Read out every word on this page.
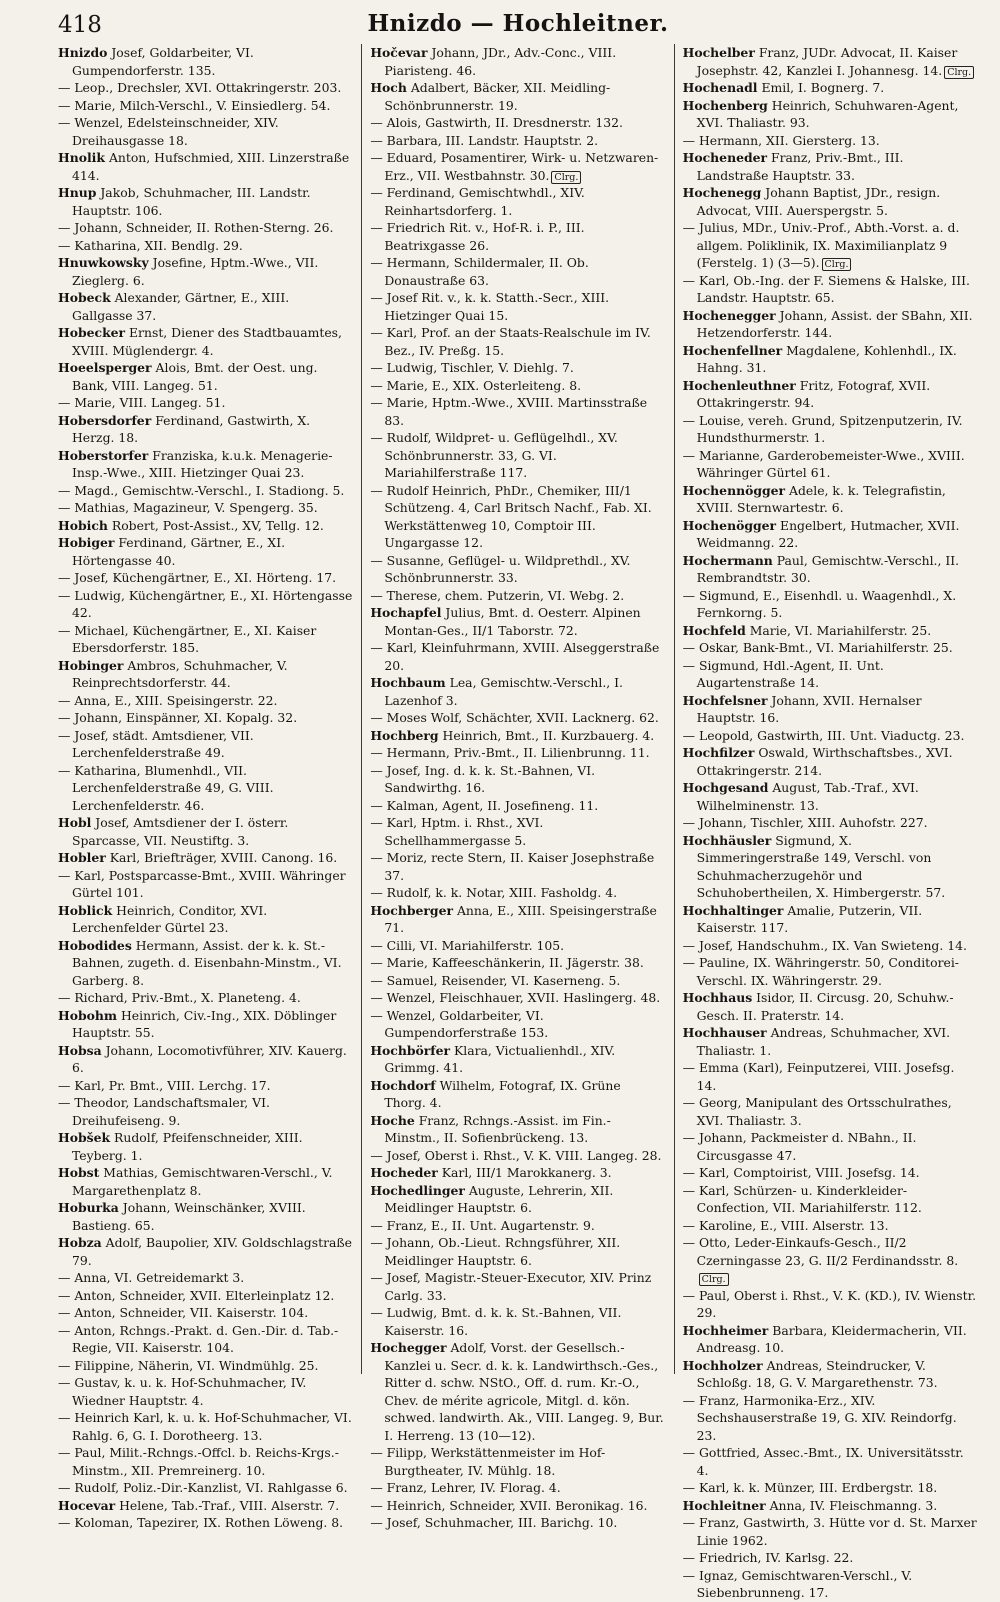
418	Hnizdo — Hochleitner.

Hnizdo Josef, Goldarbeiter, VI. Gumpendorferstr. 135.

— Leop., Drechsler, XVI. Ottakringerstr. 203.

— Marie, Milch-Verschl., V. Einsiedlerg. 54.

— Wenzel, Edelsteinschneider, XIV. Dreihausgasse 18.

Hnolik Anton, Hufschmied, XIII. Linzerstraße 414.

Hnup Jakob, Schuhmacher, III. Landstr. Hauptstr. 106.

— Johann, Schneider, II. Rothen-Sterng. 26.

— Katharina, XII. Bendlg. 29.

Hnuwkowsky Josefine, Hptm.-Wwe., VII. Zieglerg. 6.

Hobeck Alexander, Gärtner, E., XIII. Gallgasse 37.

Hobecker Ernst, Diener des Stadtbauamtes, XVIII. Müglendergr. 4.

Hoeelsperger Alois, Bmt. der Oest. ung. Bank, VIII. Langeg. 51.

— Marie, VIII. Langeg. 51.

Hobersdorfer Ferdinand, Gastwirth, X. Herzg. 18.

Hoberstorfer Franziska, k.u.k. Menagerie-Insp.-Wwe., XIII. Hietzinger Quai 23.

— Magd., Gemischtw.-Verschl., I. Stadiong. 5.

— Mathias, Magazineur, V. Spengerg. 35.

Hobich Robert, Post-Assist., XV, Tellg. 12.

Hobiger Ferdinand, Gärtner, E., XI. Hörtengasse 40.

— Josef, Küchengärtner, E., XI. Hörteng. 17.

— Ludwig, Küchengärtner, E., XI. Hörtengasse 42.

— Michael, Küchengärtner, E., XI. Kaiser Ebersdorferstr. 185.

Hobinger Ambros, Schuhmacher, V. Reinprechtsdorferstr. 44.

— Anna, E., XIII. Speisingerstr. 22.

— Johann, Einspänner, XI. Kopalg. 32.

— Josef, städt. Amtsdiener, VII. Lerchenfelderstraße 49.

— Katharina, Blumenhdl., VII. Lerchenfelderstraße 49, G. VIII. Lerchenfelderstr. 46.

Hobl Josef, Amtsdiener der I. österr. Sparcasse, VII. Neustiftg. 3.

Hobler Karl, Briefträger, XVIII. Canong. 16.

— Karl, Postsparcasse-Bmt., XVIII. Währinger Gürtel 101.

Hoblick Heinrich, Conditor, XVI. Lerchenfelder Gürtel 23.

Hobodides Hermann, Assist. der k. k. St.-Bahnen, zugeth. d. Eisenbahn-Minstm., VI. Garberg. 8.

— Richard, Priv.-Bmt., X. Planeteng. 4.

Hobohm Heinrich, Civ.-Ing., XIX. Döblinger Hauptstr. 55.

Hobsa Johann, Locomotivführer, XIV. Kauerg. 6.

— Karl, Pr. Bmt., VIII. Lerchg. 17.

— Theodor, Landschaftsmaler, VI. Dreihufeiseng. 9.

Hobšek Rudolf, Pfeifenschneider, XIII. Teyberg. 1.

Hobst Mathias, Gemischtwaren-Verschl., V. Margarethenplatz 8.

Hoburka Johann, Weinschänker, XVIII. Bastieng. 65.

Hobza Adolf, Baupolier, XIV. Goldschlagstraße 79.

— Anna, VI. Getreidemarkt 3.

— Anton, Schneider, XVII. Elterleinplatz 12.

— Anton, Schneider, VII. Kaiserstr. 104.

— Anton, Rchngs.-Prakt. d. Gen.-Dir. d. Tab.-Regie, VII. Kaiserstr. 104.

— Filippine, Näherin, VI. Windmühlg. 25.

— Gustav, k. u. k. Hof-Schuhmacher, IV. Wiedner Hauptstr. 4.

— Heinrich Karl, k. u. k. Hof-Schuhmacher, VI. Rahlg. 6, G. I. Dorotheerg. 13.

— Paul, Milit.-Rchngs.-Offcl. b. Reichs-Krgs.-Minstm., XII. Premreinerg. 10.

— Rudolf, Poliz.-Dir.-Kanzlist, VI. Rahlgasse 6.

Hocevar Helene, Tab.-Traf., VIII. Alserstr. 7.

— Koloman, Tapezirer, IX. Rothen Löweng. 8.

Hočevar Johann, JDr., Adv.-Conc., VIII. Piaristeng. 46.

Hoch Adalbert, Bäcker, XII. Meidling-Schönbrunnerstr. 19.

— Alois, Gastwirth, II. Dresdnerstr. 132.

— Barbara, III. Landstr. Hauptstr. 2.

— Eduard, Posamentirer, Wirk- u. Netzwaren-Erz., VII. Westbahnstr. 30. Clrg.

— Ferdinand, Gemischtwhdl., XIV. Reinhartsdorferg. 1.

— Friedrich Rit. v., Hof-R. i. P., III. Beatrixgasse 26.

— Hermann, Schildermaler, II. Ob. Donaustraße 63.

— Josef Rit. v., k. k. Statth.-Secr., XIII. Hietzinger Quai 15.

— Karl, Prof. an der Staats-Realschule im IV. Bez., IV. Preßg. 15.

— Ludwig, Tischler, V. Diehlg. 7.

— Marie, E., XIX. Osterleiteng. 8.

— Marie, Hptm.-Wwe., XVIII. Martinsstraße 83.

— Rudolf, Wildpret- u. Geflügelhdl., XV. Schönbrunnerstr. 33, G. VI. Mariahilferstraße 117.

— Rudolf Heinrich, PhDr., Chemiker, III/1 Schützeng. 4, Carl Britsch Nachf., Fab. XI. Werkstättenweg 10, Comptoir III. Ungargasse 12.

— Susanne, Geflügel- u. Wildprethdl., XV. Schönbrunnerstr. 33.

— Therese, chem. Putzerin, VI. Webg. 2.

Hochapfel Julius, Bmt. d. Oesterr. Alpinen Montan-Ges., II/1 Taborstr. 72.

— Karl, Kleinfuhrmann, XVIII. Alseggerstraße 20.

Hochbaum Lea, Gemischtw.-Verschl., I. Lazenhof 3.

— Moses Wolf, Schächter, XVII. Lacknerg. 62.

Hochberg Heinrich, Bmt., II. Kurzbauerg. 4.

— Hermann, Priv.-Bmt., II. Lilienbrunng. 11.

— Josef, Ing. d. k. k. St.-Bahnen, VI. Sandwirthg. 16.

— Kalman, Agent, II. Josefineng. 11.

— Karl, Hptm. i. Rhst., XVI. Schellhammergasse 5.

— Moriz, recte Stern, II. Kaiser Josephstraße 37.

— Rudolf, k. k. Notar, XIII. Fasholdg. 4.

Hochberger Anna, E., XIII. Speisingerstraße 71.

— Cilli, VI. Mariahilferstr. 105.

— Marie, Kaffeeschänkerin, II. Jägerstr. 38.

— Samuel, Reisender, VI. Kaserneng. 5.

— Wenzel, Fleischhauer, XVII. Haslingerg. 48.

— Wenzel, Goldarbeiter, VI. Gumpendorferstraße 153.

Hochbörfer Klara, Victualienhdl., XIV. Grimmg. 41.

Hochdorf Wilhelm, Fotograf, IX. Grüne Thorg. 4.

Hoche Franz, Rchngs.-Assist. im Fin.-Minstm., II. Sofienbrückeng. 13.

— Josef, Oberst i. Rhst., V. K. VIII. Langeg. 28.

Hocheder Karl, III/1 Marokkanerg. 3.

Hochedlinger Auguste, Lehrerin, XII. Meidlinger Hauptstr. 6.

— Franz, E., II. Unt. Augartenstr. 9.

— Johann, Ob.-Lieut. Rchngsführer, XII. Meidlinger Hauptstr. 6.

— Josef, Magistr.-Steuer-Executor, XIV. Prinz Carlg. 33.

— Ludwig, Bmt. d. k. k. St.-Bahnen, VII. Kaiserstr. 16.

Hochegger Adolf, Vorst. der Gesellsch.-Kanzlei u. Secr. d. k. k. Landwirthsch.-Ges., Ritter d. schw. NStO., Off. d. rum. Kr.-O., Chev. de mérite agricole, Mitgl. d. kön. schwed. landwirth. Ak., VIII. Langeg. 9, Bur. I. Herreng. 13 (10—12).

— Filipp, Werkstättenmeister im Hof-Burgtheater, IV. Mühlg. 18.

— Franz, Lehrer, IV. Florag. 4.

— Heinrich, Schneider, XVII. Beronikag. 16.

— Josef, Schuhmacher, III. Barichg. 10.

Hochelber Franz, JUDr. Advocat, II. Kaiser Josephstr. 42, Kanzlei I. Johannesg. 14. Clrg.

Hochenadl Emil, I. Bognerg. 7.

Hochenberg Heinrich, Schuhwaren-Agent, XVI. Thaliastr. 93.

— Hermann, XII. Giersterg. 13.

Hocheneder Franz, Priv.-Bmt., III. Landstraße Hauptstr. 33.

Hochenegg Johann Baptist, JDr., resign. Advocat, VIII. Auerspergstr. 5.

— Julius, MDr., Univ.-Prof., Abth.-Vorst. a. d. allgem. Poliklinik, IX. Maximilianplatz 9 (Ferstelg. 1) (3—5). Clrg.

— Karl, Ob.-Ing. der F. Siemens & Halske, III. Landstr. Hauptstr. 65.

Hochenegger Johann, Assist. der SBahn, XII. Hetzendorferstr. 144.

Hochenfellner Magdalene, Kohlenhdl., IX. Hahng. 31.

Hochenleuthner Fritz, Fotograf, XVII. Ottakringerstr. 94.

— Louise, vereh. Grund, Spitzenputzerin, IV. Hundsthurmerstr. 1.

— Marianne, Garderobemeister-Wwe., XVIII. Währinger Gürtel 61.

Hochennögger Adele, k. k. Telegrafistin, XVIII. Sternwartestr. 6.

Hochenögger Engelbert, Hutmacher, XVII. Weidmanng. 22.

Hochermann Paul, Gemischtw.-Verschl., II. Rembrandtstr. 30.

— Sigmund, E., Eisenhdl. u. Waagenhdl., X. Fernkorng. 5.

Hochfeld Marie, VI. Mariahilferstr. 25.

— Oskar, Bank-Bmt., VI. Mariahilferstr. 25.

— Sigmund, Hdl.-Agent, II. Unt. Augartenstraße 14.

Hochfelsner Johann, XVII. Hernalser Hauptstr. 16.

— Leopold, Gastwirth, III. Unt. Viaductg. 23.

Hochfilzer Oswald, Wirthschaftsbes., XVI. Ottakringerstr. 214.

Hochgesand August, Tab.-Traf., XVI. Wilhelminenstr. 13.

— Johann, Tischler, XIII. Auhofstr. 227.

Hochhäusler Sigmund, X. Simmeringerstraße 149, Verschl. von Schuhmacherzugehör und Schuhobertheilen, X. Himbergerstr. 57.

Hochhaltinger Amalie, Putzerin, VII. Kaiserstr. 117.

— Josef, Handschuhm., IX. Van Swieteng. 14.

— Pauline, IX. Währingerstr. 50, Conditorei-Verschl. IX. Währingerstr. 29.

Hochhaus Isidor, II. Circusg. 20, Schuhw.-Gesch. II. Praterstr. 14.

Hochhauser Andreas, Schuhmacher, XVI. Thaliastr. 1.

— Emma (Karl), Feinputzerei, VIII. Josefsg. 14.

— Georg, Manipulant des Ortsschulrathes, XVI. Thaliastr. 3.

— Johann, Packmeister d. NBahn., II. Circusgasse 47.

— Karl, Comptoirist, VIII. Josefsg. 14.

— Karl, Schürzen- u. Kinderkleider-Confection, VII. Mariahilferstr. 112.

— Karoline, E., VIII. Alserstr. 13.

— Otto, Leder-Einkaufs-Gesch., II/2 Czerningasse 23, G. II/2 Ferdinandsstr. 8.Clrg.

— Paul, Oberst i. Rhst., V. K. (KD.), IV. Wienstr. 29.

Hochheimer Barbara, Kleidermacherin, VII. Andreasg. 10.

Hochholzer Andreas, Steindrucker, V. Schloßg. 18, G. V. Margarethenstr. 73.

— Franz, Harmonika-Erz., XIV. Sechshauserstraße 19, G. XIV. Reindorfg. 23.

— Gottfried, Assec.-Bmt., IX. Universitätsstr. 4.

— Karl, k. k. Münzer, III. Erdbergstr. 18.

Hochleitner Anna, IV. Fleischmanng. 3.

— Franz, Gastwirth, 3. Hütte vor d. St. Marxer Linie 1962.

— Friedrich, IV. Karlsg. 22.

— Ignaz, Gemischtwaren-Verschl., V. Siebenbrunneng. 17.
